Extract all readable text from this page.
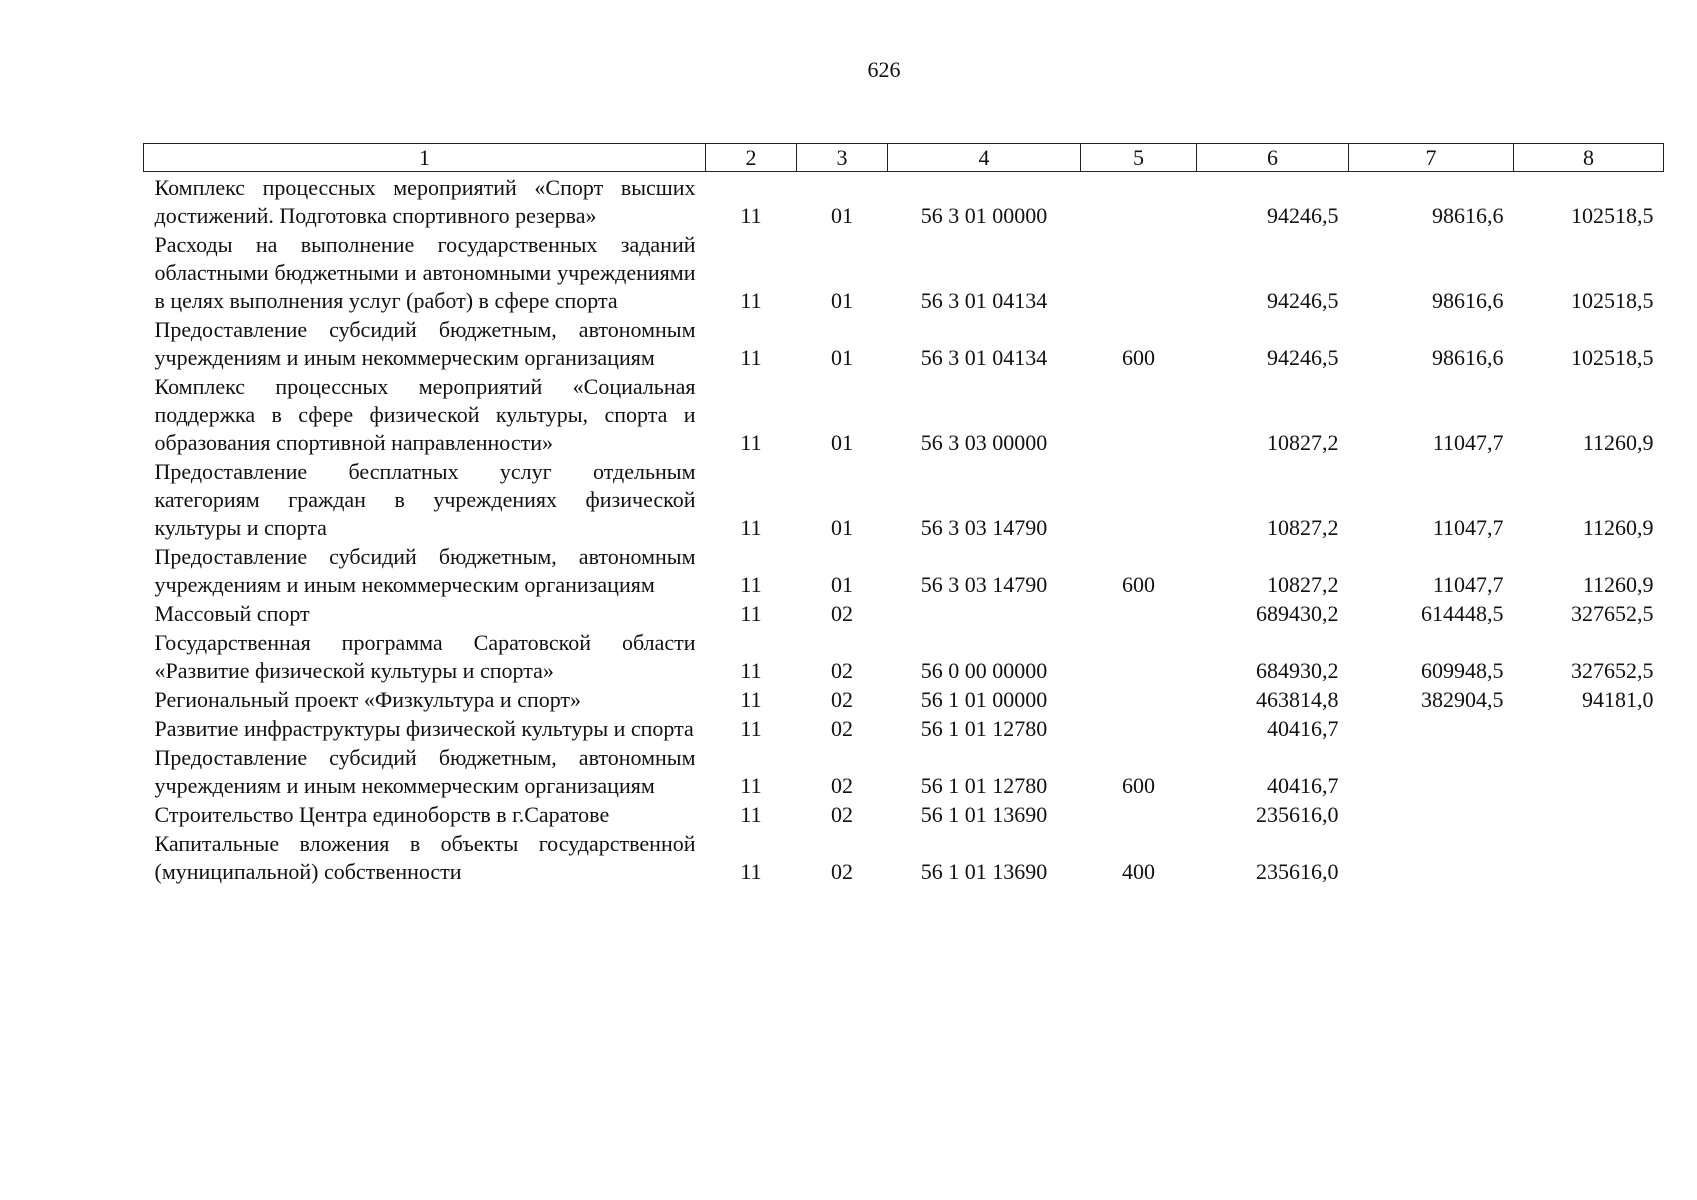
626
1	2	3	4	5	6	7	8
Комплекс процессных мероприятий «Спорт высших достижений. Подготовка спортивного резерва»	11	01	56 3 01 00000		94246,5	98616,6	102518,5
Расходы на выполнение государственных заданий областными бюджетными и автономными учреждениями в целях выполнения услуг (работ) в сфере спорта	11	01	56 3 01 04134		94246,5	98616,6	102518,5
Предоставление субсидий бюджетным, автономным учреждениям и иным некоммерческим организациям	11	01	56 3 01 04134	600	94246,5	98616,6	102518,5
Комплекс процессных мероприятий «Социальная поддержка в сфере физической культуры, спорта и образования спортивной направленности»	11	01	56 3 03 00000		10827,2	11047,7	11260,9
Предоставление бесплатных услуг отдельным категориям граждан в учреждениях физической культуры и спорта	11	01	56 3 03 14790		10827,2	11047,7	11260,9
Предоставление субсидий бюджетным, автономным учреждениям и иным некоммерческим организациям	11	01	56 3 03 14790	600	10827,2	11047,7	11260,9
Массовый спорт	11	02			689430,2	614448,5	327652,5
Государственная программа Саратовской области «Развитие физической культуры и спорта»	11	02	56 0 00 00000		684930,2	609948,5	327652,5
Региональный проект «Физкультура и спорт»	11	02	56 1 01 00000		463814,8	382904,5	94181,0
Развитие инфраструктуры физической культуры и спорта	11	02	56 1 01 12780		40416,7		
Предоставление субсидий бюджетным, автономным учреждениям и иным некоммерческим организациям	11	02	56 1 01 12780	600	40416,7		
Строительство Центра единоборств в г.Саратове	11	02	56 1 01 13690		235616,0		
Капитальные вложения в объекты государственной (муниципальной) собственности	11	02	56 1 01 13690	400	235616,0		
